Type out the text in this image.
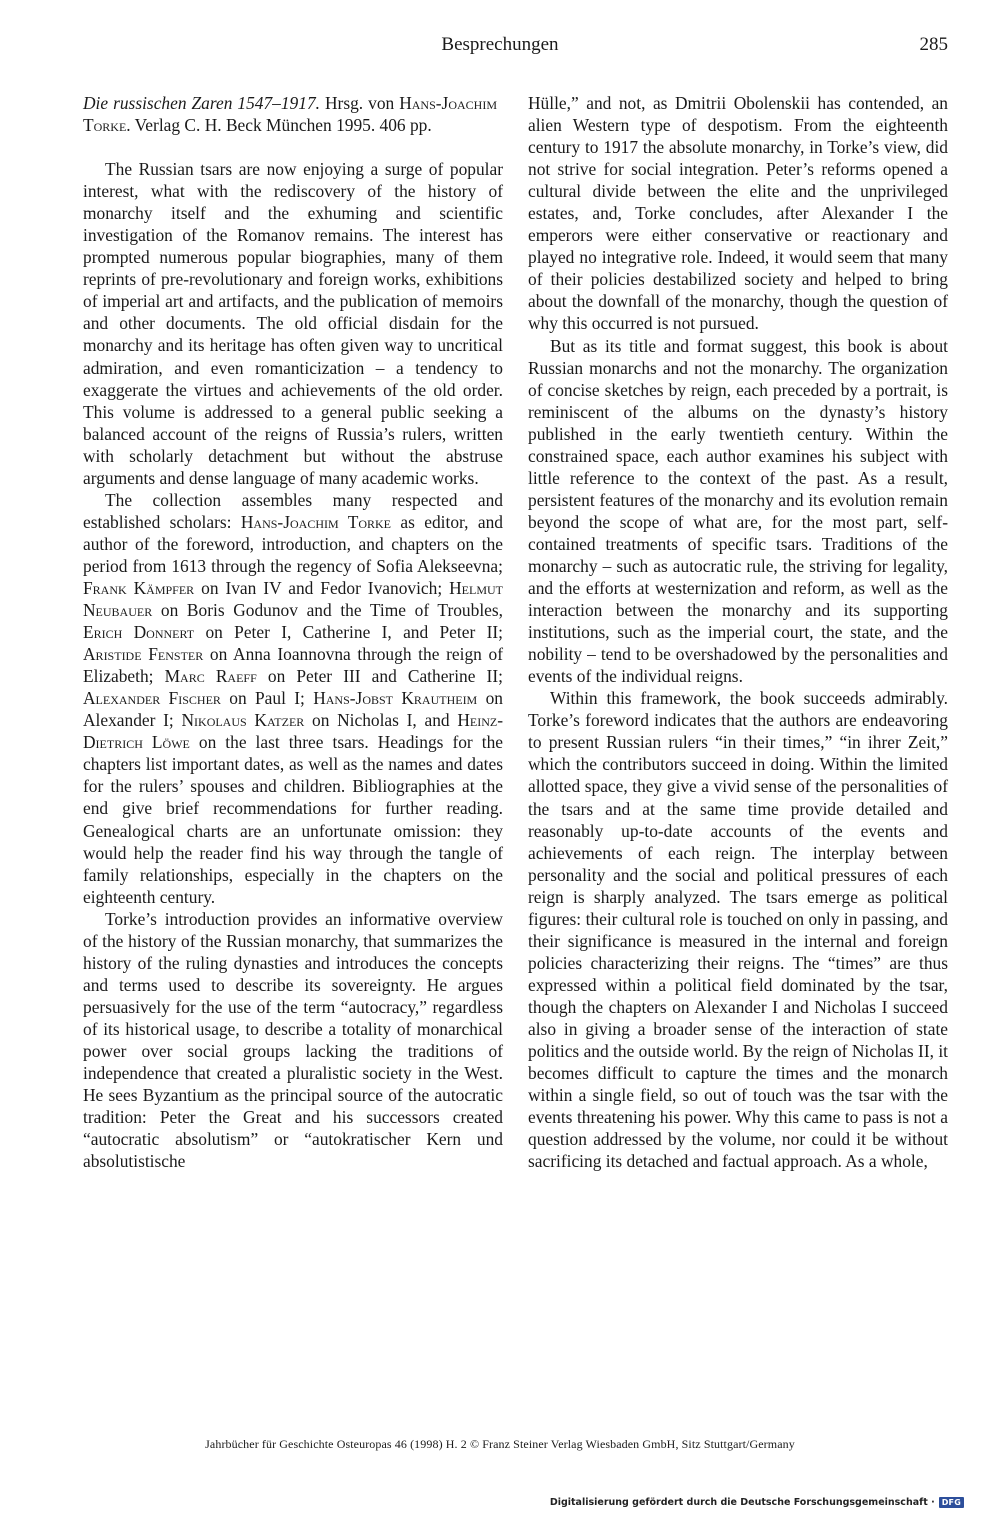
Besprechungen	285

Die russischen Zaren 1547–1917. Hrsg. von Hans-Joachim Torke. Verlag C. H. Beck München 1995. 406 pp.

The Russian tsars are now enjoying a surge of popular interest, what with the rediscovery of the history of monarchy itself and the exhuming and scientific investigation of the Romanov remains. The interest has prompted numerous popular biographies, many of them reprints of pre-revolutionary and foreign works, exhibitions of imperial art and artifacts, and the publication of memoirs and other documents. The old official disdain for the monarchy and its heritage has often given way to uncritical admiration, and even romanticization – a tendency to exaggerate the virtues and achievements of the old order. This volume is addressed to a general public seeking a balanced account of the reigns of Russia’s rulers, written with scholarly detachment but without the abstruse arguments and dense language of many academic works.

The collection assembles many respected and established scholars: Hans-Joachim Torke as editor, and author of the foreword, introduction, and chapters on the period from 1613 through the regency of Sofia Alekseevna; Frank Kämpfer on Ivan IV and Fedor Ivanovich; Helmut Neubauer on Boris Godunov and the Time of Troubles, Erich Donnert on Peter I, Catherine I, and Peter II; Aristide Fenster on Anna Ioannovna through the reign of Elizabeth; Marc Raeff on Peter III and Catherine II; Alexander Fischer on Paul I; Hans-Jobst Krautheim on Alexander I; Nikolaus Katzer on Nicholas I, and Heinz-Dietrich Löwe on the last three tsars. Headings for the chapters list important dates, as well as the names and dates for the rulers’ spouses and children. Bibliographies at the end give brief recommendations for further reading. Genealogical charts are an unfortunate omission: they would help the reader find his way through the tangle of family relationships, especially in the chapters on the eighteenth century.

Torke’s introduction provides an informative overview of the history of the Russian monarchy, that summarizes the history of the ruling dynasties and introduces the concepts and terms used to describe its sovereignty. He argues persuasively for the use of the term “autocracy,” regardless of its historical usage, to describe a totality of monarchical power over social groups lacking the traditions of independence that created a pluralistic society in the West. He sees Byzantium as the principal source of the autocratic tradition: Peter the Great and his successors created “autocratic absolutism” or “autokratischer Kern und absolutistische

Hülle,” and not, as Dmitrii Obolenskii has contended, an alien Western type of despotism. From the eighteenth century to 1917 the absolute monarchy, in Torke’s view, did not strive for social integration. Peter’s reforms opened a cultural divide between the elite and the unprivileged estates, and, Torke concludes, after Alexander I the emperors were either conservative or reactionary and played no integrative role. Indeed, it would seem that many of their policies destabilized society and helped to bring about the downfall of the monarchy, though the question of why this occurred is not pursued.

But as its title and format suggest, this book is about Russian monarchs and not the monarchy. The organization of concise sketches by reign, each preceded by a portrait, is reminiscent of the albums on the dynasty’s history published in the early twentieth century. Within the constrained space, each author examines his subject with little reference to the context of the past. As a result, persistent features of the monarchy and its evolution remain beyond the scope of what are, for the most part, self-contained treatments of specific tsars. Traditions of the monarchy – such as autocratic rule, the striving for legality, and the efforts at westernization and reform, as well as the interaction between the monarchy and its supporting institutions, such as the imperial court, the state, and the nobility – tend to be overshadowed by the personalities and events of the individual reigns.

Within this framework, the book succeeds admirably. Torke’s foreword indicates that the authors are endeavoring to present Russian rulers “in their times,” “in ihrer Zeit,” which the contributors succeed in doing. Within the limited allotted space, they give a vivid sense of the personalities of the tsars and at the same time provide detailed and reasonably up-to-date accounts of the events and achievements of each reign. The interplay between personality and the social and political pressures of each reign is sharply analyzed. The tsars emerge as political figures: their cultural role is touched on only in passing, and their significance is measured in the internal and foreign policies characterizing their reigns. The “times” are thus expressed within a political field dominated by the tsar, though the chapters on Alexander I and Nicholas I succeed also in giving a broader sense of the interaction of state politics and the outside world. By the reign of Nicholas II, it becomes difficult to capture the times and the monarch within a single field, so out of touch was the tsar with the events threatening his power. Why this came to pass is not a question addressed by the volume, nor could it be without sacrificing its detached and factual approach. As a whole,

Jahrbücher für Geschichte Osteuropas 46 (1998) H. 2 © Franz Steiner Verlag Wiesbaden GmbH, Sitz Stuttgart/Germany
Digitalisierung gefördert durch die Deutsche Forschungsgemeinschaft · DFG
